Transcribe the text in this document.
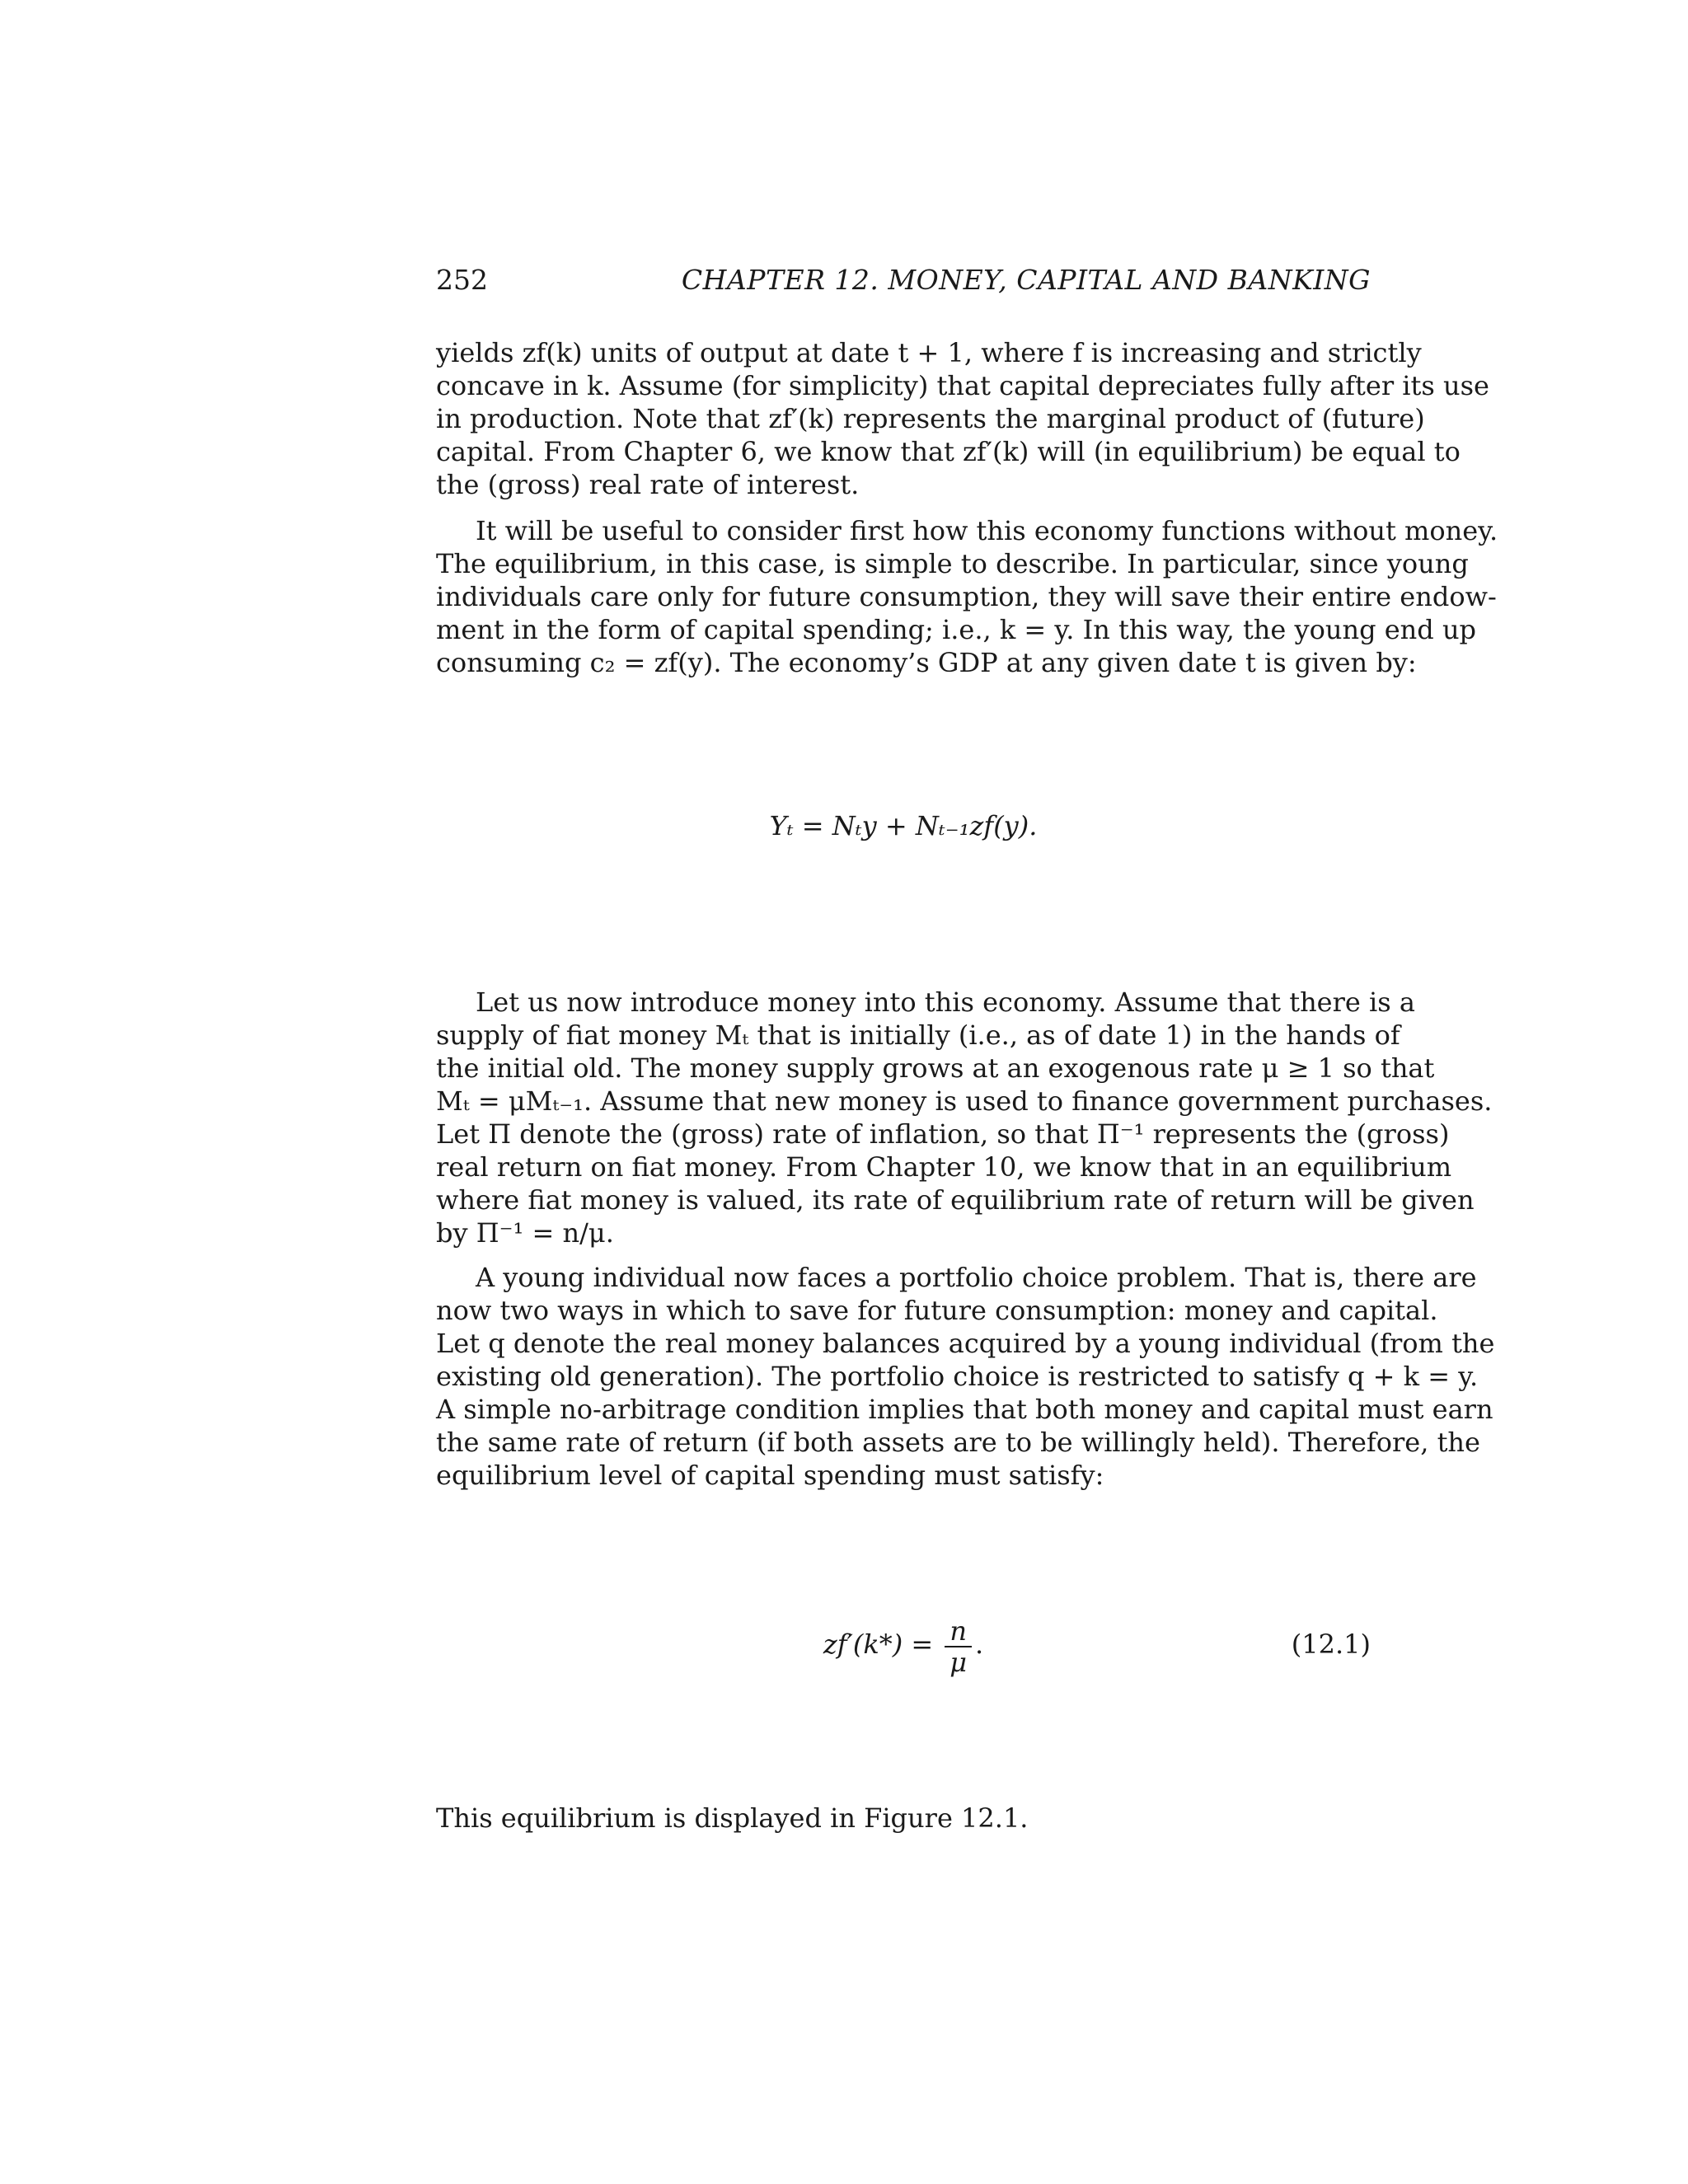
252	CHAPTER 12. MONEY, CAPITAL AND BANKING
yields zf(k) units of output at date t + 1, where f is increasing and strictly
concave in k. Assume (for simplicity) that capital depreciates fully after its use
in production. Note that zf′(k) represents the marginal product of (future)
capital. From Chapter 6, we know that zf′(k) will (in equilibrium) be equal to
the (gross) real rate of interest.
It will be useful to consider first how this economy functions without money.
The equilibrium, in this case, is simple to describe. In particular, since young
individuals care only for future consumption, they will save their entire endow-
ment in the form of capital spending; i.e., k = y. In this way, the young end up
consuming c₂ = zf(y). The economy’s GDP at any given date t is given by:
Yₜ = Nₜy + Nₜ₋₁zf(y).
Let us now introduce money into this economy. Assume that there is a
supply of fiat money Mₜ that is initially (i.e., as of date 1) in the hands of
the initial old. The money supply grows at an exogenous rate μ ≥ 1 so that
Mₜ = μMₜ₋₁. Assume that new money is used to finance government purchases.
Let Π denote the (gross) rate of inflation, so that Π⁻¹ represents the (gross)
real return on fiat money. From Chapter 10, we know that in an equilibrium
where fiat money is valued, its rate of equilibrium rate of return will be given
by Π⁻¹ = n/μ.
A young individual now faces a portfolio choice problem. That is, there are
now two ways in which to save for future consumption: money and capital.
Let q denote the real money balances acquired by a young individual (from the
existing old generation). The portfolio choice is restricted to satisfy q + k = y.
A simple no-arbitrage condition implies that both money and capital must earn
the same rate of return (if both assets are to be willingly held). Therefore, the
equilibrium level of capital spending must satisfy:
$zf'(k*) = \frac{n}{\mu}$ .	(12.1)
This equilibrium is displayed in Figure 12.1.
